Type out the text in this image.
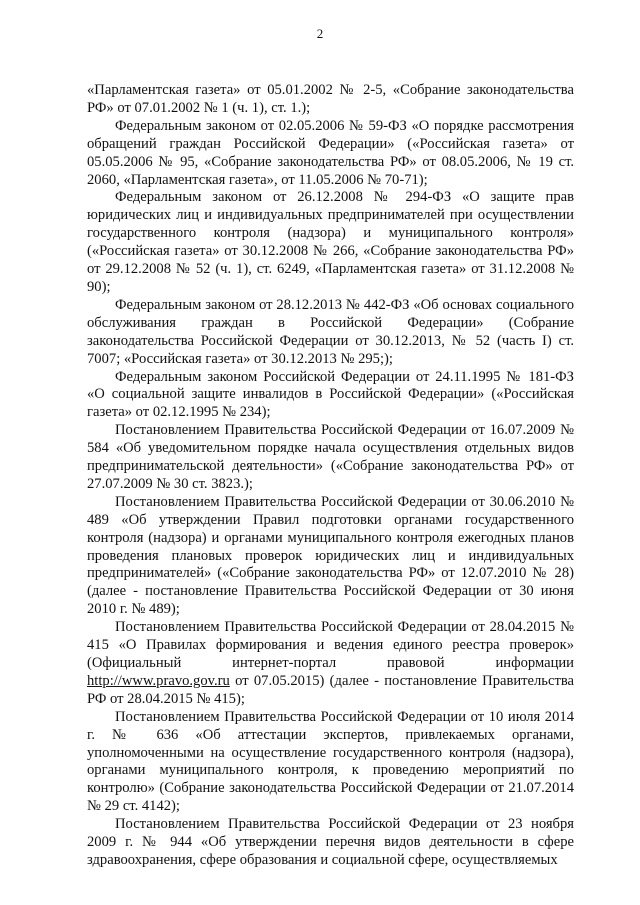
2

«Парламентская газета» от 05.01.2002 № 2-5, «Собрание законодательства РФ» от 07.01.2002 № 1 (ч. 1), ст. 1.);

Федеральным законом от 02.05.2006 № 59-ФЗ «О порядке рассмотрения обращений граждан Российской Федерации» («Российская газета» от 05.05.2006 № 95, «Собрание законодательства РФ» от 08.05.2006, № 19 ст. 2060, «Парламентская газета», от 11.05.2006 № 70-71);

Федеральным законом от 26.12.2008 № 294-ФЗ «О защите прав юридических лиц и индивидуальных предпринимателей при осуществлении государственного контроля (надзора) и муниципального контроля» («Российская газета» от 30.12.2008 № 266, «Собрание законодательства РФ» от 29.12.2008 № 52 (ч. 1), ст. 6249, «Парламентская газета» от 31.12.2008 № 90);

Федеральным законом от 28.12.2013 № 442-ФЗ «Об основах социального обслуживания граждан в Российской Федерации» (Собрание законодательства Российской Федерации от 30.12.2013, № 52 (часть I) ст. 7007; «Российская газета» от 30.12.2013 № 295;);

Федеральным законом Российской Федерации от 24.11.1995 № 181-ФЗ «О социальной защите инвалидов в Российской Федерации» («Российская газета» от 02.12.1995 № 234);

Постановлением Правительства Российской Федерации от 16.07.2009 № 584 «Об уведомительном порядке начала осуществления отдельных видов предпринимательской деятельности» («Собрание законодательства РФ» от 27.07.2009 № 30 ст. 3823.);

Постановлением Правительства Российской Федерации от 30.06.2010 № 489 «Об утверждении Правил подготовки органами государственного контроля (надзора) и органами муниципального контроля ежегодных планов проведения плановых проверок юридических лиц и индивидуальных предпринимателей» («Собрание законодательства РФ» от 12.07.2010 № 28) (далее - постановление Правительства Российской Федерации от 30 июня 2010 г. № 489);

Постановлением Правительства Российской Федерации от 28.04.2015 № 415 «О Правилах формирования и ведения единого реестра проверок» (Официальный интернет-портал правовой информации http://www.pravo.gov.ru от 07.05.2015) (далее - постановление Правительства РФ от 28.04.2015 № 415);

Постановлением Правительства Российской Федерации от 10 июля 2014 г. № 636 «Об аттестации экспертов, привлекаемых органами, уполномоченными на осуществление государственного контроля (надзора), органами муниципального контроля, к проведению мероприятий по контролю» (Собрание законодательства Российской Федерации от 21.07.2014 № 29 ст. 4142);

Постановлением Правительства Российской Федерации от 23 ноября 2009 г. № 944 «Об утверждении перечня видов деятельности в сфере здравоохранения, сфере образования и социальной сфере, осуществляемых
